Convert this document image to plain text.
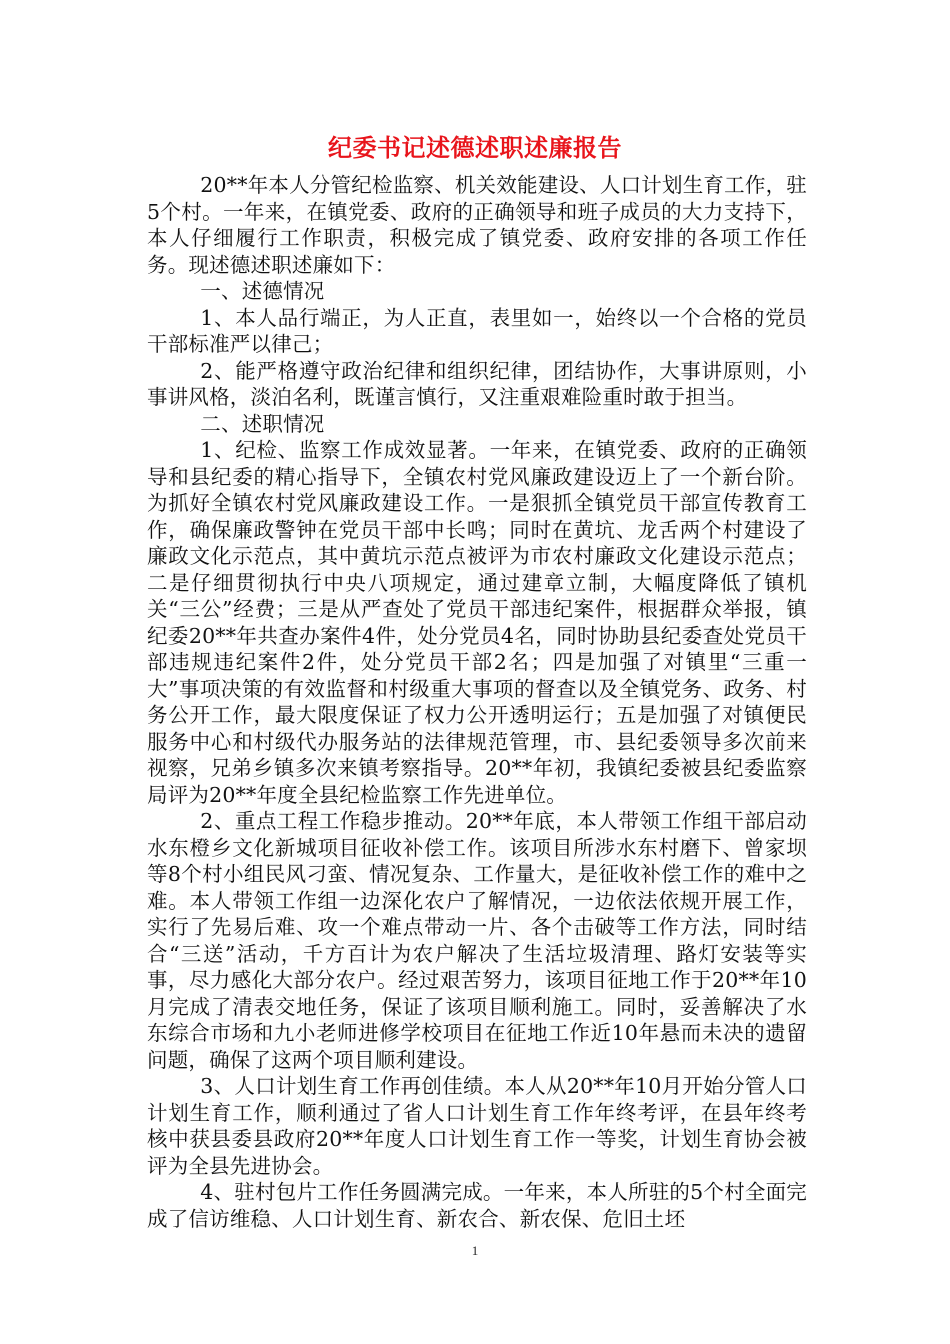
纪委书记述德述职述廉报告

20**年本人分管纪检监察、机关效能建设、人口计划生育工作，驻5个村。一年来，在镇党委、政府的正确领导和班子成员的大力支持下，本人仔细履行工作职责，积极完成了镇党委、政府安排的各项工作任务。现述德述职述廉如下：

一、述德情况

1、本人品行端正，为人正直，表里如一，始终以一个合格的党员干部标准严以律己；

2、能严格遵守政治纪律和组织纪律，团结协作，大事讲原则，小事讲风格，淡泊名利，既谨言慎行，又注重艰难险重时敢于担当。

二、述职情况

1、纪检、监察工作成效显著。一年来，在镇党委、政府的正确领导和县纪委的精心指导下，全镇农村党风廉政建设迈上了一个新台阶。为抓好全镇农村党风廉政建设工作。一是狠抓全镇党员干部宣传教育工作，确保廉政警钟在党员干部中长鸣；同时在黄坑、龙舌两个村建设了廉政文化示范点，其中黄坑示范点被评为市农村廉政文化建设示范点；二是仔细贯彻执行中央八项规定，通过建章立制，大幅度降低了镇机关“三公”经费；三是从严查处了党员干部违纪案件，根据群众举报，镇纪委20**年共查办案件4件，处分党员4名，同时协助县纪委查处党员干部违规违纪案件2件，处分党员干部2名；四是加强了对镇里“三重一大”事项决策的有效监督和村级重大事项的督查以及全镇党务、政务、村务公开工作，最大限度保证了权力公开透明运行；五是加强了对镇便民服务中心和村级代办服务站的法律规范管理，市、县纪委领导多次前来视察，兄弟乡镇多次来镇考察指导。20**年初，我镇纪委被县纪委监察局评为20**年度全县纪检监察工作先进单位。

2、重点工程工作稳步推动。20**年底，本人带领工作组干部启动水东橙乡文化新城项目征收补偿工作。该项目所涉水东村磨下、曾家坝等8个村小组民风刁蛮、情况复杂、工作量大，是征收补偿工作的难中之难。本人带领工作组一边深化农户了解情况，一边依法依规开展工作，实行了先易后难、攻一个难点带动一片、各个击破等工作方法，同时结合“三送”活动，千方百计为农户解决了生活垃圾清理、路灯安装等实事，尽力感化大部分农户。经过艰苦努力，该项目征地工作于20**年10月完成了清表交地任务，保证了该项目顺利施工。同时，妥善解决了水东综合市场和九小老师进修学校项目在征地工作近10年悬而未决的遗留问题，确保了这两个项目顺利建设。

3、人口计划生育工作再创佳绩。本人从20**年10月开始分管人口计划生育工作，顺利通过了省人口计划生育工作年终考评，在县年终考核中获县委县政府20**年度人口计划生育工作一等奖，计划生育协会被评为全县先进协会。

4、驻村包片工作任务圆满完成。一年来，本人所驻的5个村全面完成了信访维稳、人口计划生育、新农合、新农保、危旧土坯

1
